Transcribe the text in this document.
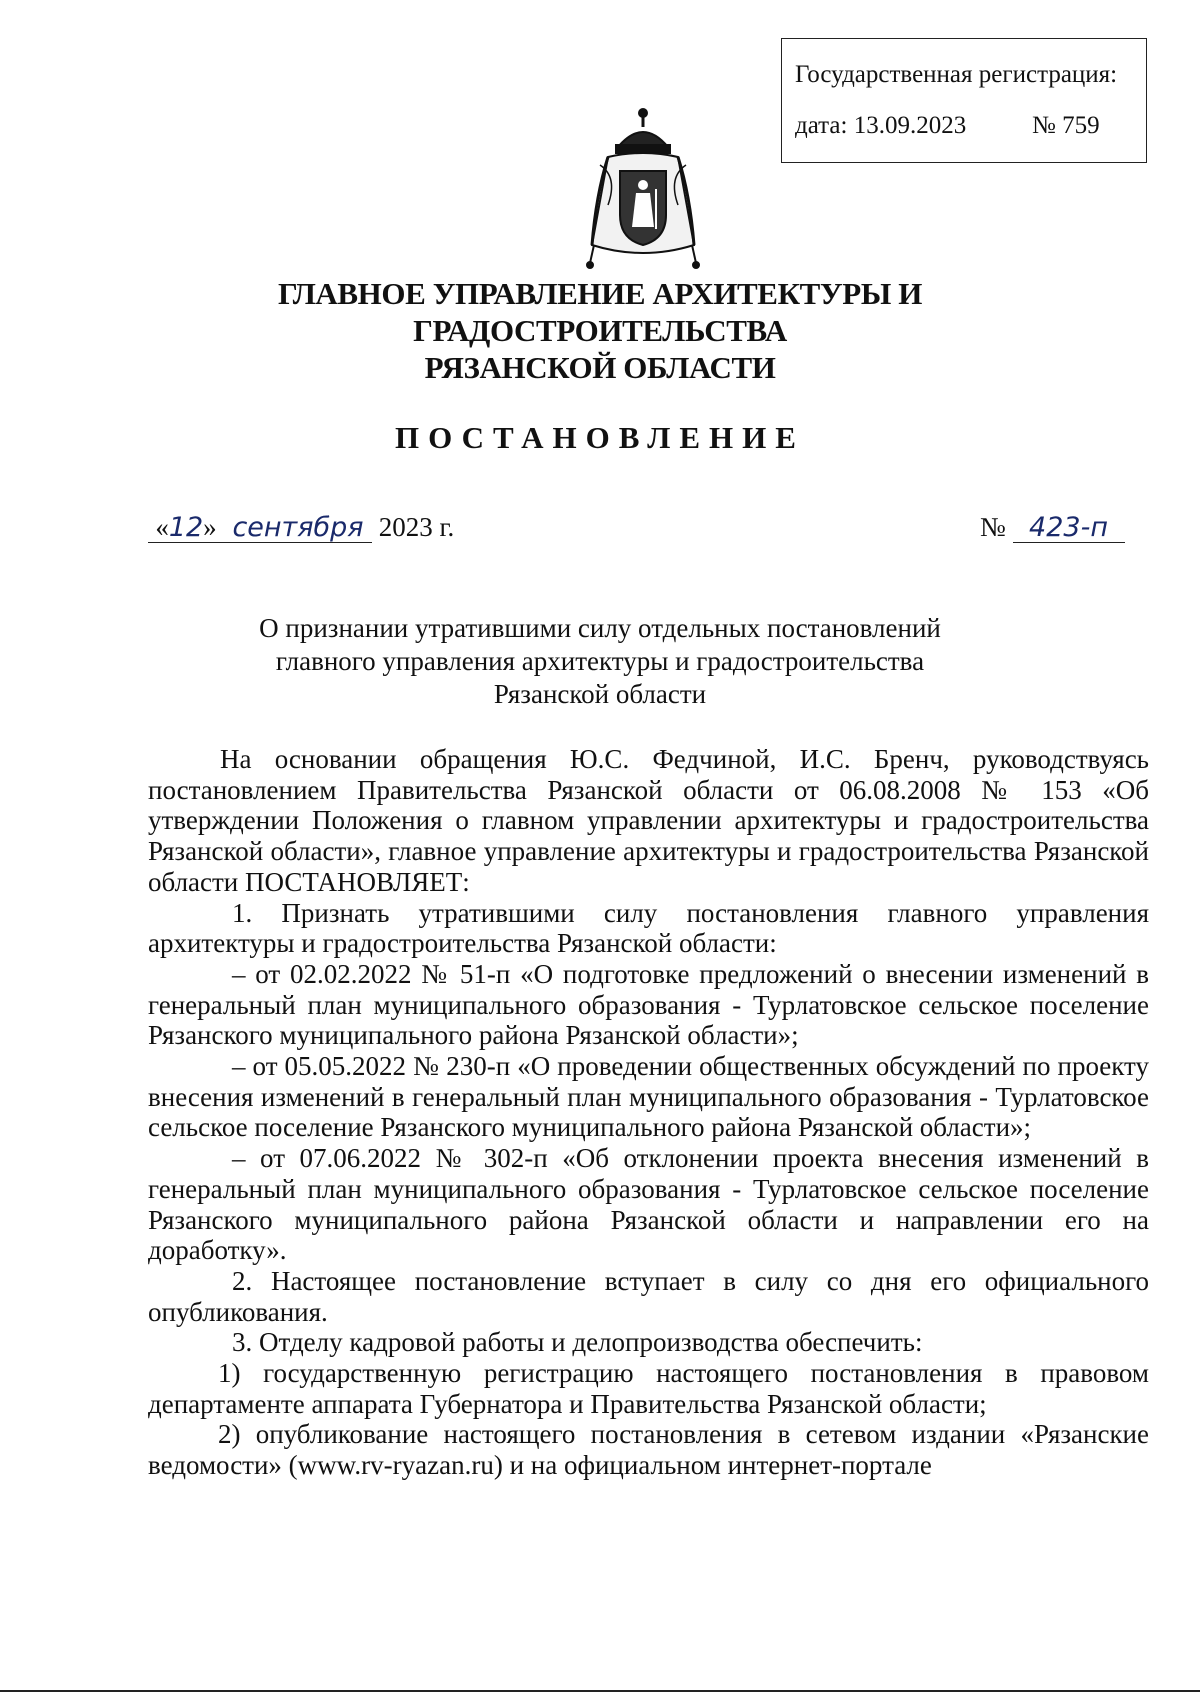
Государственная регистрация:
дата: 13.09.2023	№ 759
ГЛАВНОЕ УПРАВЛЕНИЕ АРХИТЕКТУРЫ И ГРАДОСТРОИТЕЛЬСТВА
РЯЗАНСКОЙ ОБЛАСТИ
ПОСТАНОВЛЕНИЕ
«12» сентября 2023 г.	№ 423-п
О признании утратившими силу отдельных постановлений
главного управления архитектуры и градостроительства
Рязанской области

На основании обращения Ю.С. Федчиной, И.С. Бренч, руководствуясь постановлением Правительства Рязанской области от 06.08.2008 № 153 «Об утверждении Положения о главном управлении архитектуры и градостроительства Рязанской области», главное управление архитектуры и градостроительства Рязанской области ПОСТАНОВЛЯЕТ:

1. Признать утратившими силу постановления главного управления архитектуры и градостроительства Рязанской области:

– от 02.02.2022 № 51-п «О подготовке предложений о внесении изменений в генеральный план муниципального образования - Турлатовское сельское поселение Рязанского муниципального района Рязанской области»;

– от 05.05.2022 № 230-п «О проведении общественных обсуждений по проекту внесения изменений в генеральный план муниципального образования - Турлатовское сельское поселение Рязанского муниципального района Рязанской области»;

– от 07.06.2022 № 302-п «Об отклонении проекта внесения изменений в генеральный план муниципального образования - Турлатовское сельское поселение Рязанского муниципального района Рязанской области и направлении его на доработку».

2. Настоящее постановление вступает в силу со дня его официального опубликования.

3. Отделу кадровой работы и делопроизводства обеспечить:

1) государственную регистрацию настоящего постановления в правовом департаменте аппарата Губернатора и Правительства Рязанской области;

2) опубликование настоящего постановления в сетевом издании «Рязанские ведомости» (www.rv-ryazan.ru) и на официальном интернет-портале
